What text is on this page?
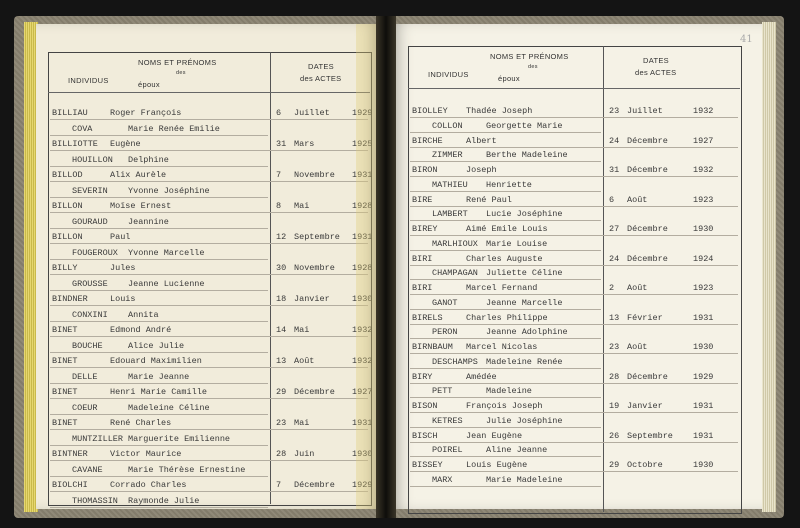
NOMS ET PRÉNOMS
des
INDIVIDUS	époux
DATES
des ACTES
BILLIAU	Roger François
COVA	Marie Renée Emilie
6 Juillet	1929
BILLIOTTE Eugène
HOUILLON Delphine
31 Mars	1925
BILLOD	Alix Aurèle
SEVERIN Yvonne Joséphine
7 Novembre 1931
BILLON	Moïse Ernest
GOURAUD Jeannine
8 Mai	1928
BILLON	Paul
FOUGEROUX Yvonne Marcelle
12 Septembre 1931
BILLY	Jules
GROUSSE Jeanne Lucienne
30 Novembre 1928
BINDNER	Louis
CONXINI Annita
18 Janvier	1930
BINET	Edmond André
BOUCHE	Alice Julie
14 Mai	1932
BINET	Edouard Maximilien
DELLE	Marie Jeanne
13 Août	1932
BINET	Henri Marie Camille
COEUR	Madeleine Céline
29 Décembre 1927
BINET	René Charles
MUNTZILLER Marguerite Emilienne
23 Mai	1931
BINTNER	Victor Maurice
CAVANE	Marie Thérèse Ernestine
28 Juin	1930
BIOLCHI	Corrado Charles
THOMASSIN Raymonde Julie
7 Décembre 1929
NOMS ET PRÉNOMS
des
INDIVIDUS	époux
DATES
des ACTES
BIOLLEY Thadée Joseph
COLLON	Georgette Marie
23 Juillet	1932
BIRCHE	Albert
ZIMMER	Berthe Madeleine
24 Décembre	1927
BIRON	Joseph
MATHIEU Henriette
31 Décembre	1932
BIRE	René Paul
LAMBERT Lucie Joséphine
6 Août	1923
BIREY	Aimé Emile Louis
MARLHIOUX Marie Louise
27 Décembre	1930
BIRI	Charles Auguste
CHAMPAGAN Juliette Céline
24 Décembre	1924
BIRI	Marcel Fernand
GANOT	Jeanne Marcelle
2 Août	1923
BIRELS	Charles Philippe
PERON	Jeanne Adolphine
13 Février	1931
BIRNBAUM Marcel Nicolas
DESCHAMPS Madeleine Renée
23 Août	1930
BIRY	Amédée
PETT	Madeleine
28 Décembre	1929
BISON	François Joseph
KETRES	Julie Joséphine
19 Janvier	1931
BISCH	Jean Eugène
POIREL	Aline Jeanne
26 Septembre 1931
BISSEY	Louis Eugène
MARX	Marie Madeleine
29 Octobre	1930
41
